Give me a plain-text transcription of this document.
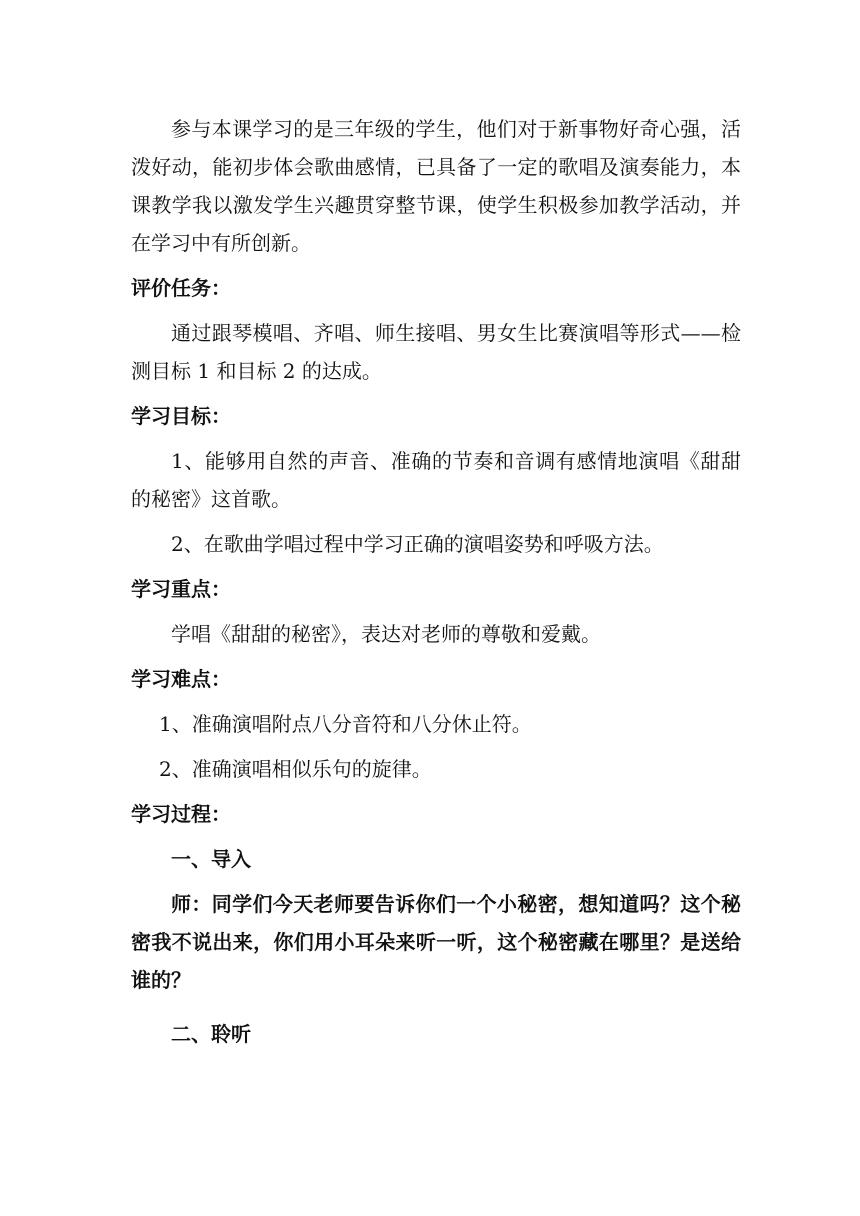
参与本课学习的是三年级的学生，他们对于新事物好奇心强，活泼好动，能初步体会歌曲感情，已具备了一定的歌唱及演奏能力，本课教学我以激发学生兴趣贯穿整节课，使学生积极参加教学活动，并在学习中有所创新。

评价任务：

通过跟琴模唱、齐唱、师生接唱、男女生比赛演唱等形式——检测目标 1 和目标 2 的达成。

学习目标：

1、能够用自然的声音、准确的节奏和音调有感情地演唱《甜甜的秘密》这首歌。

2、在歌曲学唱过程中学习正确的演唱姿势和呼吸方法。

学习重点：

学唱《甜甜的秘密》，表达对老师的尊敬和爱戴。

学习难点：

1、准确演唱附点八分音符和八分休止符。

2、准确演唱相似乐句的旋律。

学习过程：

一、导入

师：同学们今天老师要告诉你们一个小秘密，想知道吗？这个秘密我不说出来，你们用小耳朵来听一听，这个秘密藏在哪里？是送给谁的？

二、聆听
